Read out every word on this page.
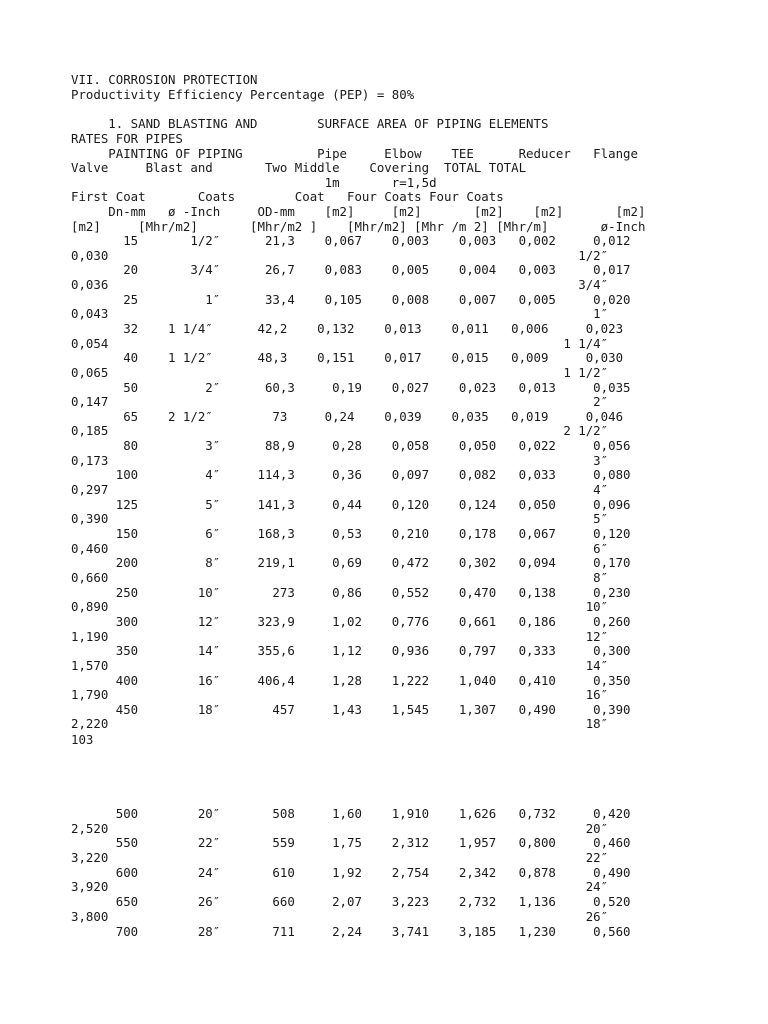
VII. CORROSION PROTECTION
Productivity Efficiency Percentage (PEP) = 80%
1. SAND BLASTING AND        SURFACE AREA OF PIPING ELEMENTS
RATES FOR PIPES
PAINTING OF PIPING          Pipe     Elbow    TEE      Reducer   Flange
Valve     Blast and       Two Middle    Covering  TOTAL TOTAL
1m       r=1,5d
First Coat       Coats        Coat   Four Coats Four Coats
Dn-mm   ø -Inch     OD-mm    [m2]     [m2]       [m2]    [m2]       [m2]
[m2]     [Mhr/m2]       [Mhr/m2 ]    [Mhr/m2] [Mhr /m 2] [Mhr/m]       ø-Inch
15       1/2″      21,3    0,067    0,003    0,003   0,002     0,012
0,030                                                               1/2″
20       3/4″      26,7    0,083    0,005    0,004   0,003     0,017
0,036                                                               3/4″
25         1″      33,4    0,105    0,008    0,007   0,005     0,020
0,043                                                                 1″
32    1 1/4″      42,2    0,132    0,013    0,011   0,006     0,023
0,054                                                             1 1/4″
40    1 1/2″      48,3    0,151    0,017    0,015   0,009     0,030
0,065                                                             1 1/2″
50         2″      60,3     0,19    0,027    0,023   0,013     0,035
0,147                                                                 2″
65    2 1/2″        73     0,24    0,039    0,035   0,019     0,046
0,185                                                             2 1/2″
80         3″      88,9     0,28    0,058    0,050   0,022     0,056
0,173                                                                 3″
100         4″     114,3     0,36    0,097    0,082   0,033     0,080
0,297                                                                 4″
125         5″     141,3     0,44    0,120    0,124   0,050     0,096
0,390                                                                 5″
150         6″     168,3     0,53    0,210    0,178   0,067     0,120
0,460                                                                 6″
200         8″     219,1     0,69    0,472    0,302   0,094     0,170
0,660                                                                 8″
250        10″       273     0,86    0,552    0,470   0,138     0,230
0,890                                                                10″
300        12″     323,9     1,02    0,776    0,661   0,186     0,260
1,190                                                                12″
350        14″     355,6     1,12    0,936    0,797   0,333     0,300
1,570                                                                14″
400        16″     406,4     1,28    1,222    1,040   0,410     0,350
1,790                                                                16″
450        18″       457     1,43    1,545    1,307   0,490     0,390
2,220                                                                18″
103
500        20″       508     1,60    1,910    1,626   0,732     0,420
2,520                                                                20″
550        22″       559     1,75    2,312    1,957   0,800     0,460
3,220                                                                22″
600        24″       610     1,92    2,754    2,342   0,878     0,490
3,920                                                                24″
650        26″       660     2,07    3,223    2,732   1,136     0,520
3,800                                                                26″
700        28″       711     2,24    3,741    3,185   1,230     0,560
